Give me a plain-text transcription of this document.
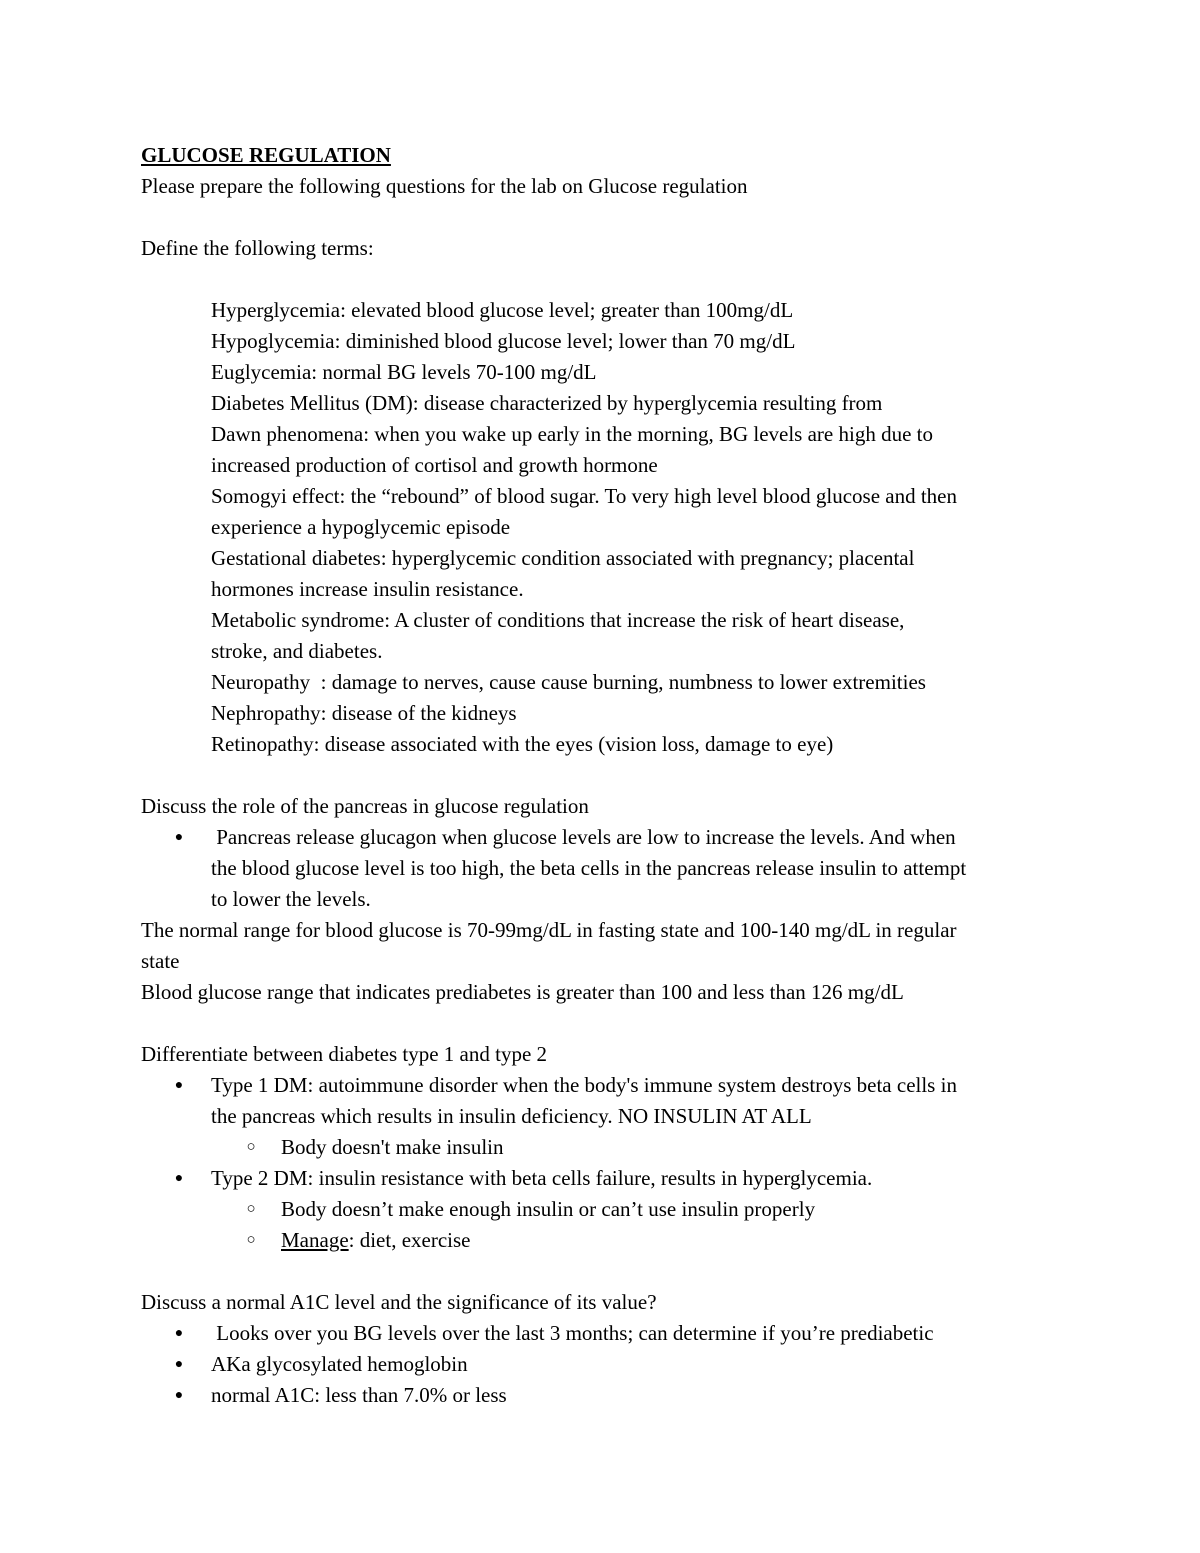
GLUCOSE REGULATION
Please prepare the following questions for the lab on Glucose regulation
Define the following terms:
Hyperglycemia: elevated blood glucose level; greater than 100mg/dL
Hypoglycemia: diminished blood glucose level; lower than 70 mg/dL
Euglycemia: normal BG levels 70-100 mg/dL
Diabetes Mellitus (DM): disease characterized by hyperglycemia resulting from
Dawn phenomena: when you wake up early in the morning, BG levels are high due to
increased production of cortisol and growth hormone
Somogyi effect: the “rebound” of blood sugar. To very high level blood glucose and then
experience a hypoglycemic episode
Gestational diabetes: hyperglycemic condition associated with pregnancy; placental
hormones increase insulin resistance.
Metabolic syndrome: A cluster of conditions that increase the risk of heart disease,
stroke, and diabetes.
Neuropathy  : damage to nerves, cause cause burning, numbness to lower extremities
Nephropathy: disease of the kidneys
Retinopathy: disease associated with the eyes (vision loss, damage to eye)
Discuss the role of the pancreas in glucose regulation
● Pancreas release glucagon when glucose levels are low to increase the levels. And when
the blood glucose level is too high, the beta cells in the pancreas release insulin to attempt
to lower the levels.
The normal range for blood glucose is 70-99mg/dL in fasting state and 100-140 mg/dL in regular
state
Blood glucose range that indicates prediabetes is greater than 100 and less than 126 mg/dL
Differentiate between diabetes type 1 and type 2
● Type 1 DM: autoimmune disorder when the body's immune system destroys beta cells in
the pancreas which results in insulin deficiency. NO INSULIN AT ALL
○ Body doesn't make insulin
● Type 2 DM: insulin resistance with beta cells failure, results in hyperglycemia.
○ Body doesn’t make enough insulin or can’t use insulin properly
○ Manage: diet, exercise
Discuss a normal A1C level and the significance of its value?
● Looks over you BG levels over the last 3 months; can determine if you’re prediabetic
● AKa glycosylated hemoglobin
● normal A1C: less than 7.0% or less
